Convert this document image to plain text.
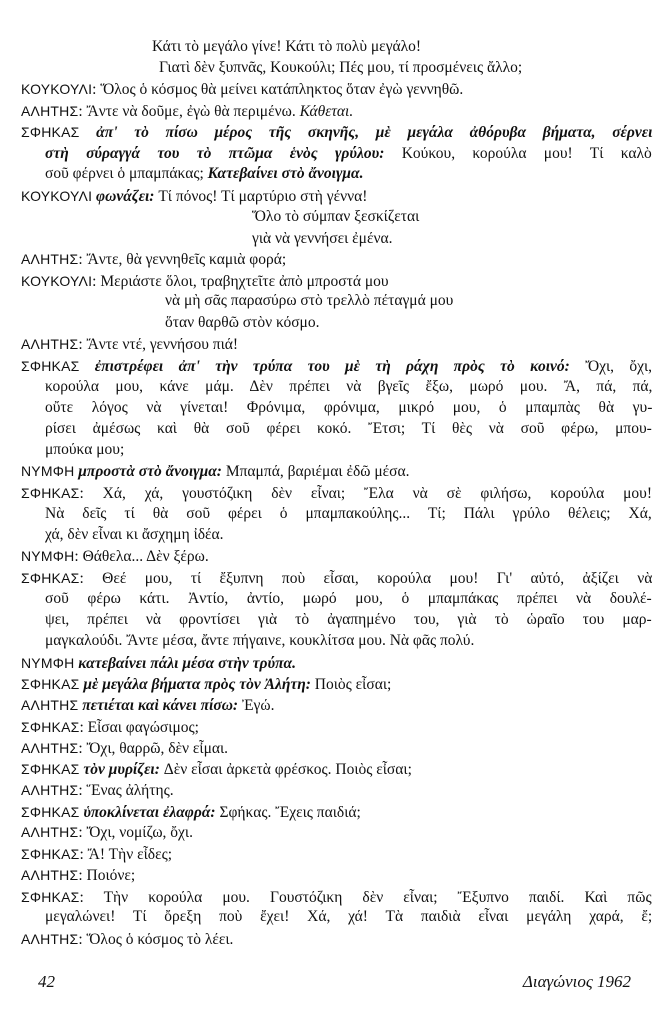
42	Διαγώνιος 1962
Κάτι τὸ μεγάλο γίνε! Κάτι τὸ πολὺ μεγάλο!
Γιατὶ δὲν ξυπνᾶς, Κουκούλι; Πές μου, τί προσμένεις ἄλλο;
ΚΟΥΚΟΥΛΙ: Ὅλος ὁ κόσμος θὰ μείνει κατάπληκτος ὅταν ἐγὼ γεννηθῶ.
ΑΛΗΤΗΣ: Ἄντε νὰ δοῦμε, ἐγὼ θὰ περιμένω. Κάθεται.
ΣΦΗΚΑΣ ἀπ' τὸ πίσω μέρος τῆς σκηνῆς, μὲ μεγάλα ἀθόρυβα βήματα, σέρνει
στὴ σύραγγά του τὸ πτῶμα ἑνὸς γρύλου: Κούκου, κορούλα μου! Τί καλὸ
σοῦ φέρνει ὁ μπαμπάκας; Κατεβαίνει στὸ ἄνοιγμα.
ΚΟΥΚΟΥΛΙ φωνάζει: Τί πόνος! Τί μαρτύριο στὴ γέννα!
Ὅλο τὸ σύμπαν ξεσκίζεται
γιὰ νὰ γεννήσει ἐμένα.
ΑΛΗΤΗΣ: Ἄντε, θὰ γεννηθεῖς καμιὰ φορά;
ΚΟΥΚΟΥΛΙ: Μεριάστε ὅλοι, τραβηχτεῖτε ἀπὸ μπροστά μου
νὰ μὴ σᾶς παρασύρω στὸ τρελλὸ πέταγμά μου
ὅταν θαρθῶ στὸν κόσμο.
ΑΛΗΤΗΣ: Ἄντε ντέ, γεννήσου πιά!
ΣΦΗΚΑΣ ἐπιστρέφει ἀπ' τὴν τρύπα του μὲ τὴ ράχη πρὸς τὸ κοινό: Ὄχι, ὄχι,
κορούλα μου, κάνε μάμ. Δὲν πρέπει νὰ βγεῖς ἔξω, μωρό μου. Ἄ, πά, πά,
οὔτε λόγος νὰ γίνεται! Φρόνιμα, φρόνιμα, μικρό μου, ὁ μπαμπὰς θὰ γυ-
ρίσει ἀμέσως καὶ θὰ σοῦ φέρει κοκό. Ἔτσι; Τί θὲς νὰ σοῦ φέρω, μπου-
μπούκα μου;
ΝΥΜΦΗ μπροστὰ στὸ ἄνοιγμα: Μπαμπά, βαριέμαι ἐδῶ μέσα.
ΣΦΗΚΑΣ: Χά, χά, γουστόζικη δὲν εἶναι; Ἔλα νὰ σὲ φιλήσω, κορούλα μου!
Νὰ δεῖς τί θὰ σοῦ φέρει ὁ μπαμπακούλης... Τί; Πάλι γρύλο θέλεις; Χά,
χά, δὲν εἶναι κι ἄσχημη ἰδέα.
ΝΥΜΦΗ: Θάθελα... Δὲν ξέρω.
ΣΦΗΚΑΣ: Θεέ μου, τί ἔξυπνη ποὺ εἶσαι, κορούλα μου! Γι' αὐτό, ἀξίζει νὰ
σοῦ φέρω κάτι. Ἀντίο, ἀντίο, μωρό μου, ὁ μπαμπάκας πρέπει νὰ δουλέ-
ψει, πρέπει νὰ φροντίσει γιὰ τὸ ἀγαπημένο του, γιὰ τὸ ὡραῖο του μαρ-
μαγκαλούδι. Ἄντε μέσα, ἄντε πήγαινε, κουκλίτσα μου. Νὰ φᾶς πολύ.
ΝΥΜΦΗ κατεβαίνει πάλι μέσα στὴν τρύπα.
ΣΦΗΚΑΣ μὲ μεγάλα βήματα πρὸς τὸν Ἀλήτη: Ποιὸς εἶσαι;
ΑΛΗΤΗΣ πετιέται καὶ κάνει πίσω: Ἐγώ.
ΣΦΗΚΑΣ: Εἶσαι φαγώσιμος;
ΑΛΗΤΗΣ: Ὄχι, θαρρῶ, δὲν εἶμαι.
ΣΦΗΚΑΣ τὸν μυρίζει: Δὲν εἶσαι ἀρκετὰ φρέσκος. Ποιὸς εἶσαι;
ΑΛΗΤΗΣ: Ἕνας ἀλήτης.
ΣΦΗΚΑΣ ὑποκλίνεται ἐλαφρά: Σφήκας. Ἔχεις παιδιά;
ΑΛΗΤΗΣ: Ὄχι, νομίζω, ὄχι.
ΣΦΗΚΑΣ: Ἄ! Τὴν εἶδες;
ΑΛΗΤΗΣ: Ποιόνε;
ΣΦΗΚΑΣ: Τὴν κορούλα μου. Γουστόζικη δὲν εἶναι; Ἔξυπνο παιδί. Καὶ πῶς
μεγαλώνει! Τί ὄρεξη ποὺ ἔχει! Χά, χά! Τὰ παιδιὰ εἶναι μεγάλη χαρά, ἔ;
ΑΛΗΤΗΣ: Ὅλος ὁ κόσμος τὸ λέει.
